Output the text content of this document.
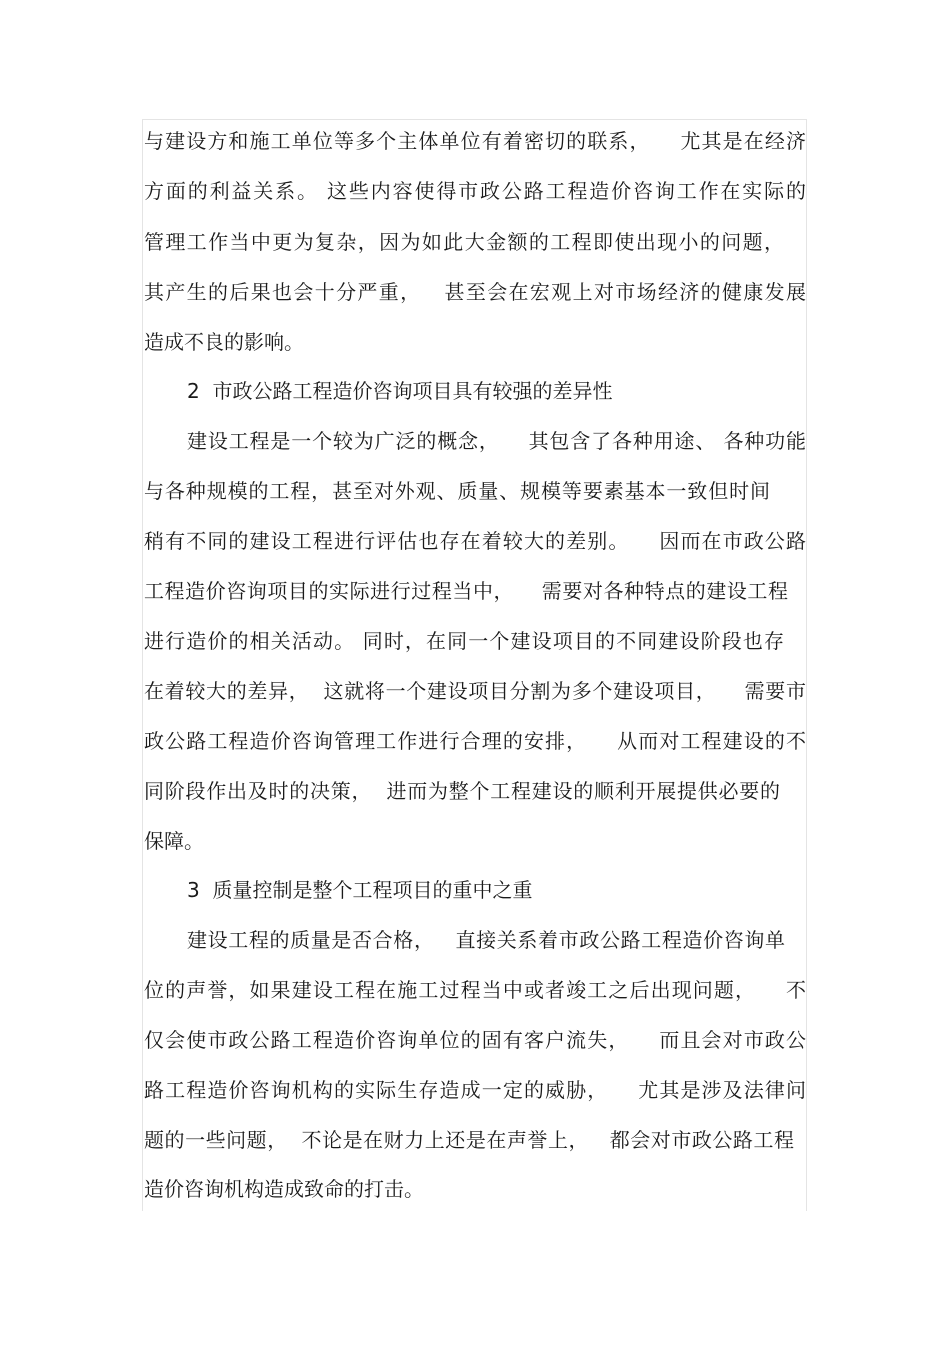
与建设方和施工单位等多个主体单位有着密切的联系，    尤其是在经济
方面的利益关系。 这些内容使得市政公路工程造价咨询工作在实际的
管理工作当中更为复杂，因为如此大金额的工程即使出现小的问题，
其产生的后果也会十分严重，   甚至会在宏观上对市场经济的健康发展
造成不良的影响。
2  市政公路工程造价咨询项目具有较强的差异性
建设工程是一个较为广泛的概念，    其包含了各种用途、 各种功能
与各种规模的工程，甚至对外观、质量、规模等要素基本一致但时间
稍有不同的建设工程进行评估也存在着较大的差别。    因而在市政公路
工程造价咨询项目的实际进行过程当中，    需要对各种特点的建设工程
进行造价的相关活动。 同时，在同一个建设项目的不同建设阶段也存
在着较大的差异，  这就将一个建设项目分割为多个建设项目，    需要市
政公路工程造价咨询管理工作进行合理的安排，    从而对工程建设的不
同阶段作出及时的决策，  进而为整个工程建设的顺利开展提供必要的
保障。
3  质量控制是整个工程项目的重中之重
建设工程的质量是否合格，   直接关系着市政公路工程造价咨询单
位的声誉，如果建设工程在施工过程当中或者竣工之后出现问题，    不
仅会使市政公路工程造价咨询单位的固有客户流失，    而且会对市政公
路工程造价咨询机构的实际生存造成一定的威胁，    尤其是涉及法律问
题的一些问题，  不论是在财力上还是在声誉上，   都会对市政公路工程
造价咨询机构造成致命的打击。
